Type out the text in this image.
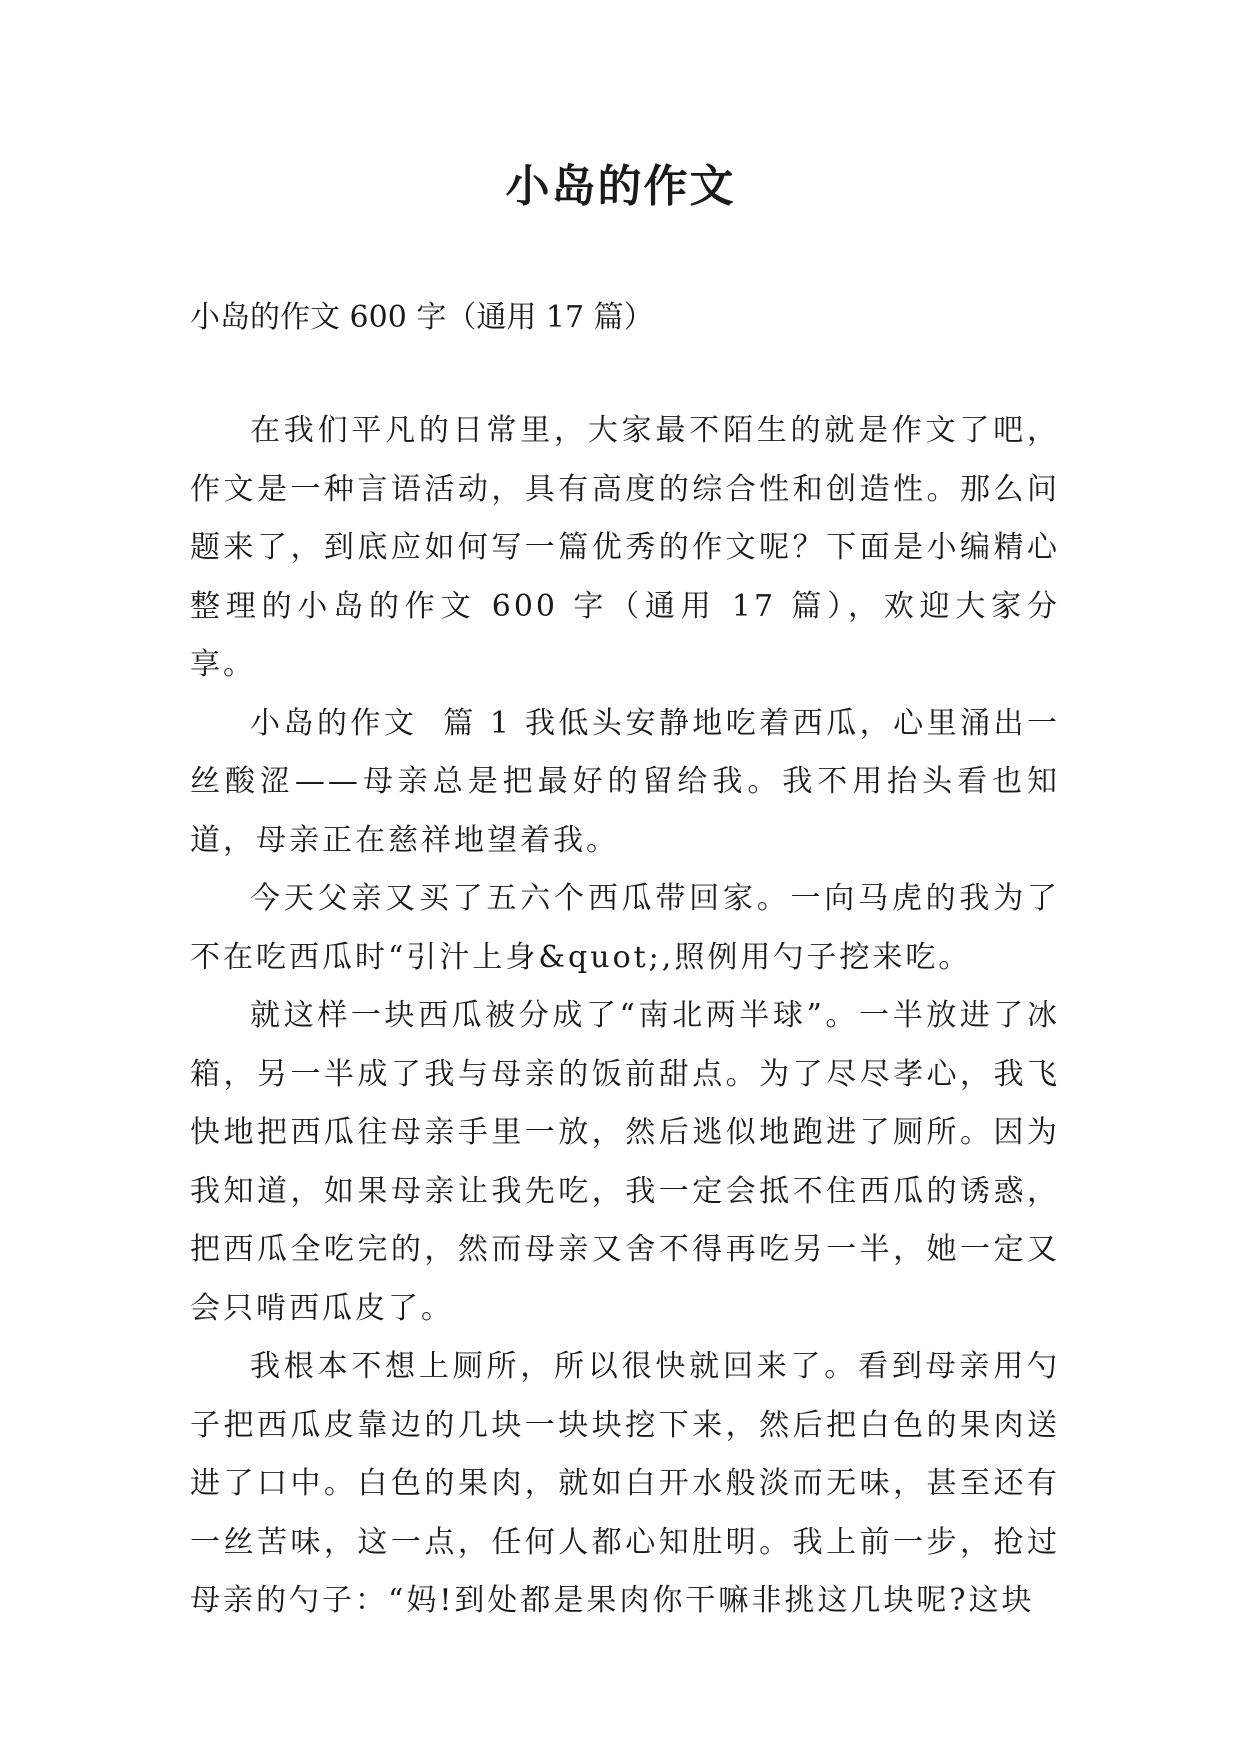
小岛的作文

小岛的作文 600 字（通用 17 篇）

在我们平凡的日常里，大家最不陌生的就是作文了吧，作文是一种言语活动，具有高度的综合性和创造性。那么问题来了，到底应如何写一篇优秀的作文呢？下面是小编精心整理的小岛的作文 600 字（通用 17 篇），欢迎大家分享。

小岛的作文  篇 1 我低头安静地吃着西瓜，心里涌出一丝酸涩——母亲总是把最好的留给我。我不用抬头看也知道，母亲正在慈祥地望着我。

今天父亲又买了五六个西瓜带回家。一向马虎的我为了不在吃西瓜时“引汁上身&quot;,照例用勺子挖来吃。

就这样一块西瓜被分成了“南北两半球”。一半放进了冰箱，另一半成了我与母亲的饭前甜点。为了尽尽孝心，我飞快地把西瓜往母亲手里一放，然后逃似地跑进了厕所。因为我知道，如果母亲让我先吃，我一定会抵不住西瓜的诱惑，把西瓜全吃完的，然而母亲又舍不得再吃另一半，她一定又会只啃西瓜皮了。

我根本不想上厕所，所以很快就回来了。看到母亲用勺子把西瓜皮靠边的几块一块块挖下来，然后把白色的果肉送进了口中。白色的果肉，就如白开水般淡而无味，甚至还有一丝苦味，这一点，任何人都心知肚明。我上前一步，抢过母亲的勺子：“妈!到处都是果肉你干嘛非挑这几块呢?这块
